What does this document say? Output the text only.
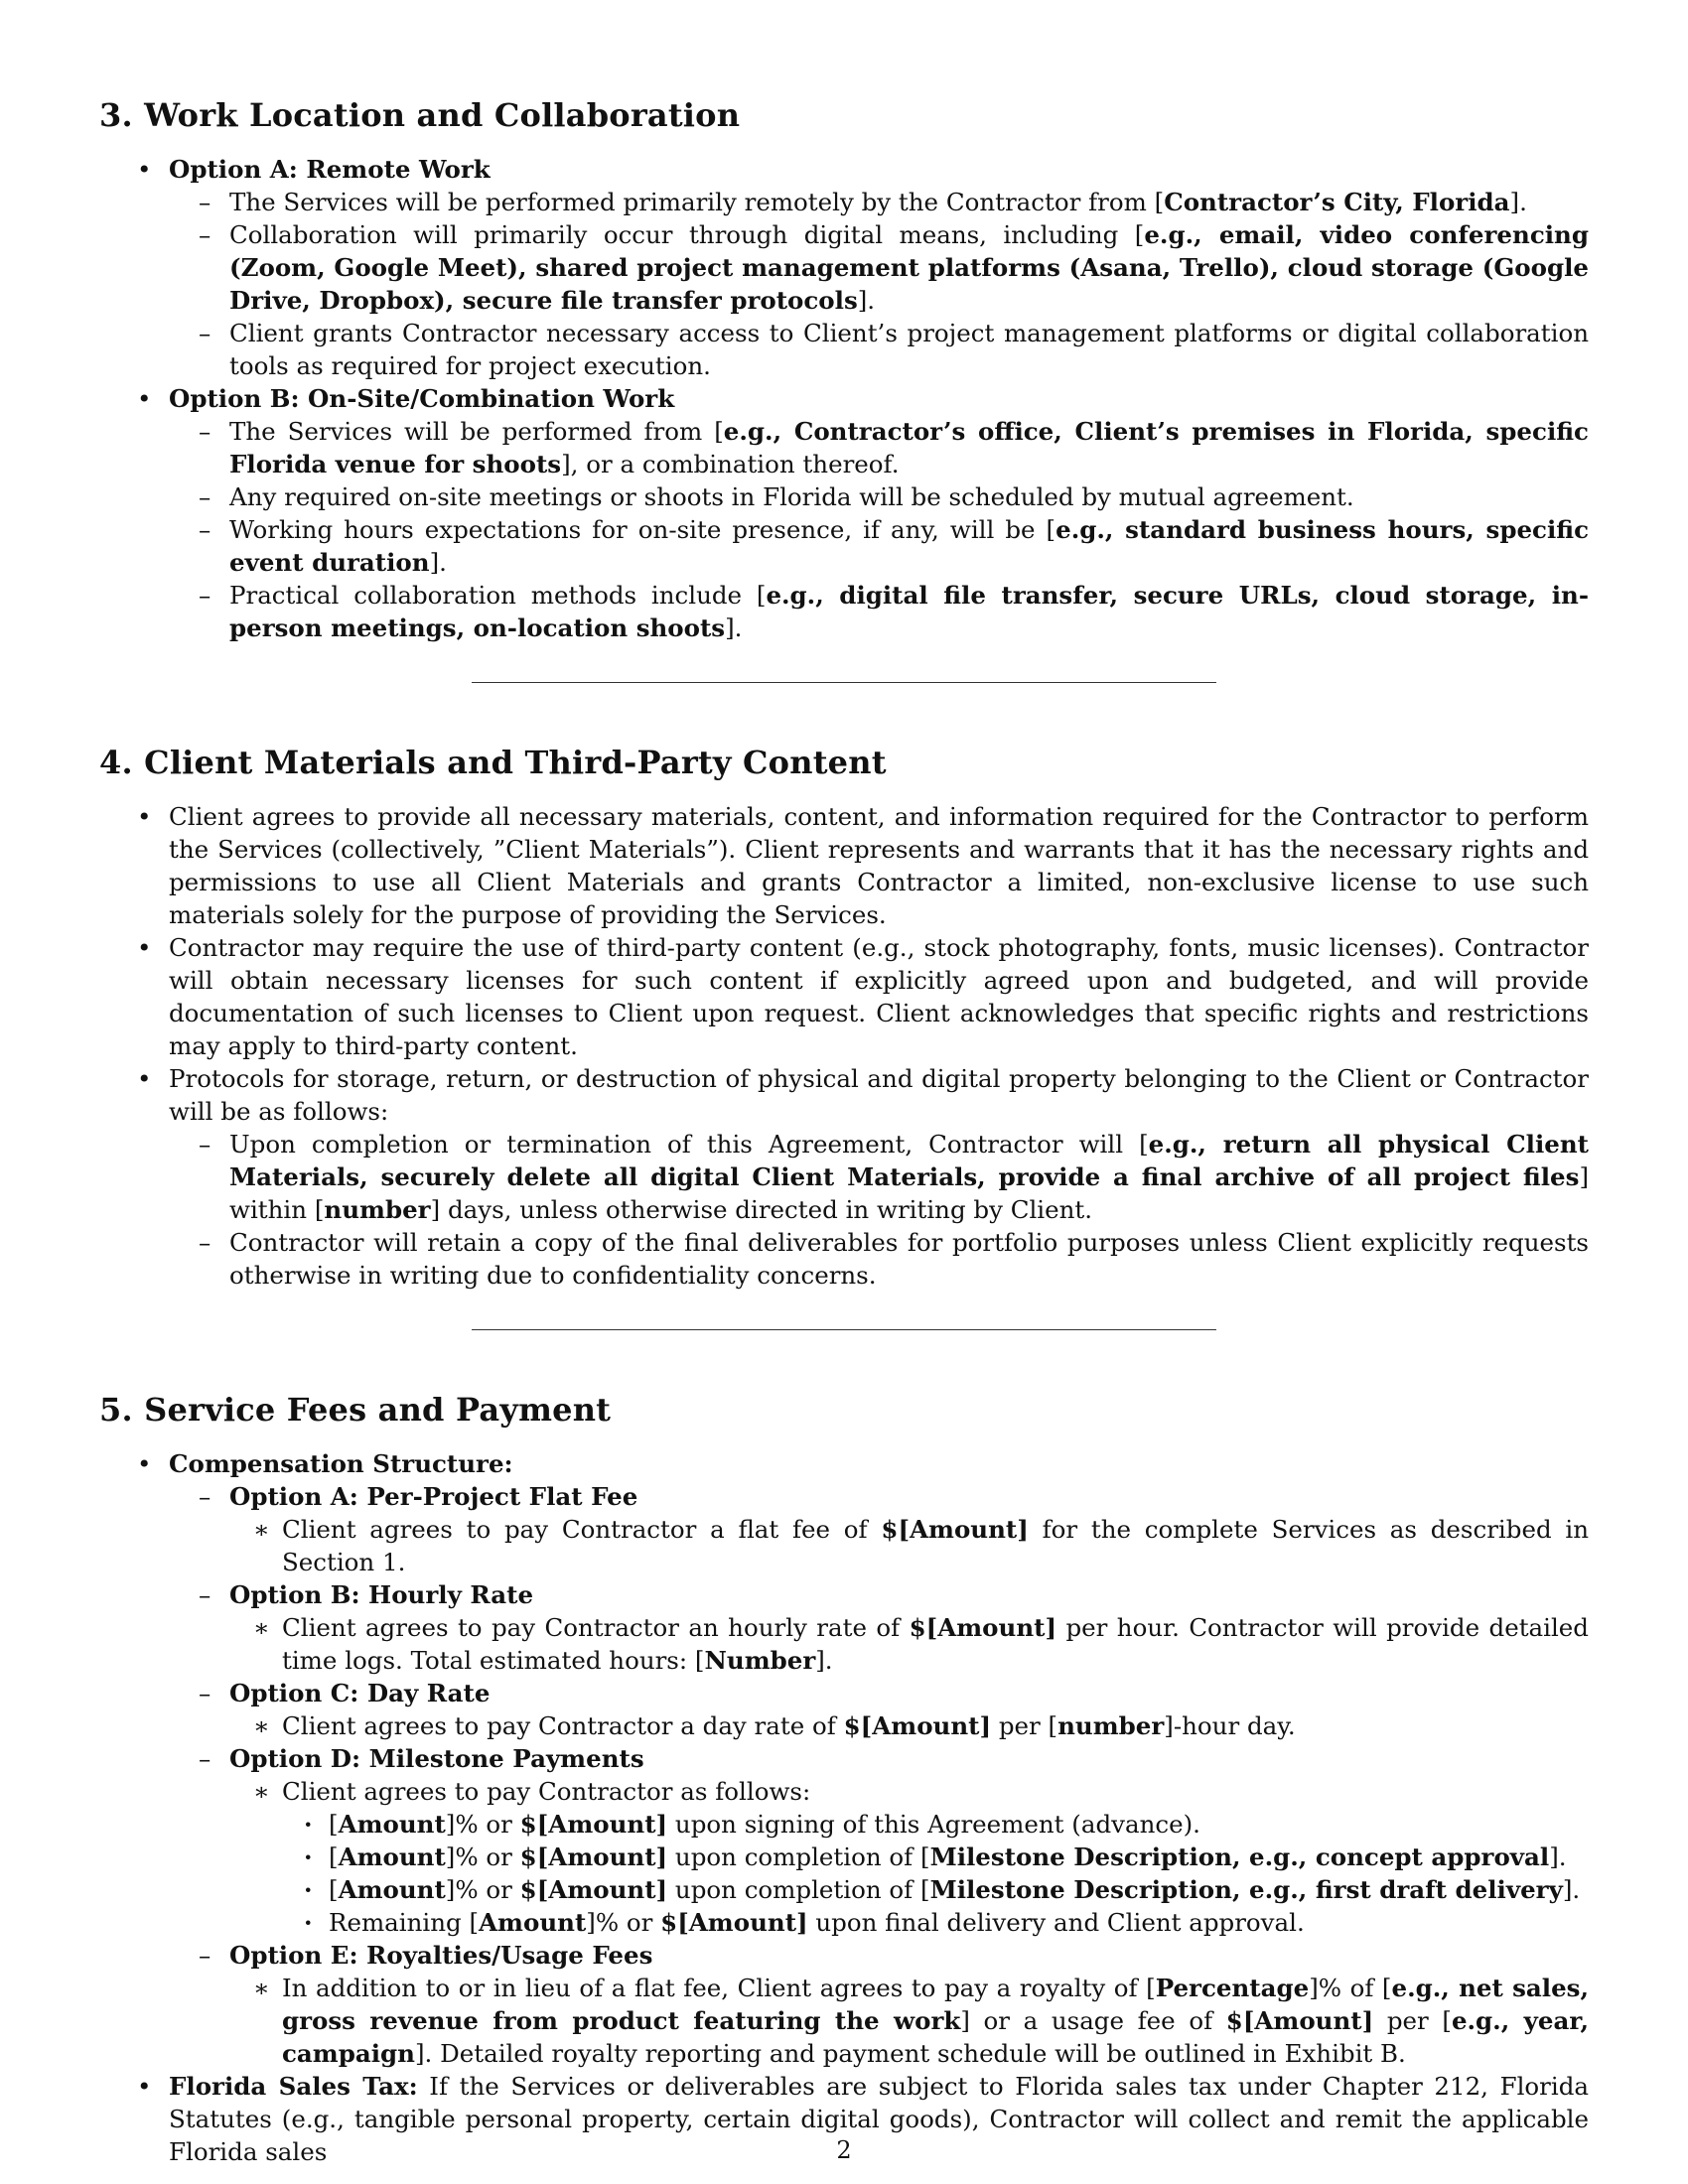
3. Work Location and Collaboration
• Option A: Remote Work
– The Services will be performed primarily remotely by the Contractor from [Contractor’s City, Florida].
– Collaboration will primarily occur through digital means, including [e.g., email, video conferencing (Zoom, Google Meet), shared project management platforms (Asana, Trello), cloud storage (Google Drive, Dropbox), secure file transfer protocols].
– Client grants Contractor necessary access to Client’s project management platforms or digital collaboration tools as required for project execution.
• Option B: On-Site/Combination Work
– The Services will be performed from [e.g., Contractor’s office, Client’s premises in Florida, specific Florida venue for shoots], or a combination thereof.
– Any required on-site meetings or shoots in Florida will be scheduled by mutual agreement.
– Working hours expectations for on-site presence, if any, will be [e.g., standard business hours, specific event duration].
– Practical collaboration methods include [e.g., digital file transfer, secure URLs, cloud storage, in-person meetings, on-location shoots].
4. Client Materials and Third-Party Content
• Client agrees to provide all necessary materials, content, and information required for the Contractor to perform the Services (collectively, ”Client Materials”). Client represents and warrants that it has the necessary rights and permissions to use all Client Materials and grants Contractor a limited, non-exclusive license to use such materials solely for the purpose of providing the Services.
• Contractor may require the use of third-party content (e.g., stock photography, fonts, music licenses). Contractor will obtain necessary licenses for such content if explicitly agreed upon and budgeted, and will provide documentation of such licenses to Client upon request. Client acknowledges that specific rights and restrictions may apply to third-party content.
• Protocols for storage, return, or destruction of physical and digital property belonging to the Client or Contractor will be as follows:
– Upon completion or termination of this Agreement, Contractor will [e.g., return all physical Client Materials, securely delete all digital Client Materials, provide a final archive of all project files] within [number] days, unless otherwise directed in writing by Client.
– Contractor will retain a copy of the final deliverables for portfolio purposes unless Client explicitly requests otherwise in writing due to confidentiality concerns.
5. Service Fees and Payment
• Compensation Structure:
– Option A: Per-Project Flat Fee
∗ Client agrees to pay Contractor a flat fee of $[Amount] for the complete Services as described in Section 1.
– Option B: Hourly Rate
∗ Client agrees to pay Contractor an hourly rate of $[Amount] per hour. Contractor will provide detailed time logs. Total estimated hours: [Number].
– Option C: Day Rate
∗ Client agrees to pay Contractor a day rate of $[Amount] per [number]-hour day.
– Option D: Milestone Payments
∗ Client agrees to pay Contractor as follows:
· [Amount]% or $[Amount] upon signing of this Agreement (advance).
· [Amount]% or $[Amount] upon completion of [Milestone Description, e.g., concept approval].
· [Amount]% or $[Amount] upon completion of [Milestone Description, e.g., first draft delivery].
· Remaining [Amount]% or $[Amount] upon final delivery and Client approval.
– Option E: Royalties/Usage Fees
∗ In addition to or in lieu of a flat fee, Client agrees to pay a royalty of [Percentage]% of [e.g., net sales, gross revenue from product featuring the work] or a usage fee of $[Amount] per [e.g., year, campaign]. Detailed royalty reporting and payment schedule will be outlined in Exhibit B.
• Florida Sales Tax: If the Services or deliverables are subject to Florida sales tax under Chapter 212, Florida Statutes (e.g., tangible personal property, certain digital goods), Contractor will collect and remit the applicable Florida sales	2
